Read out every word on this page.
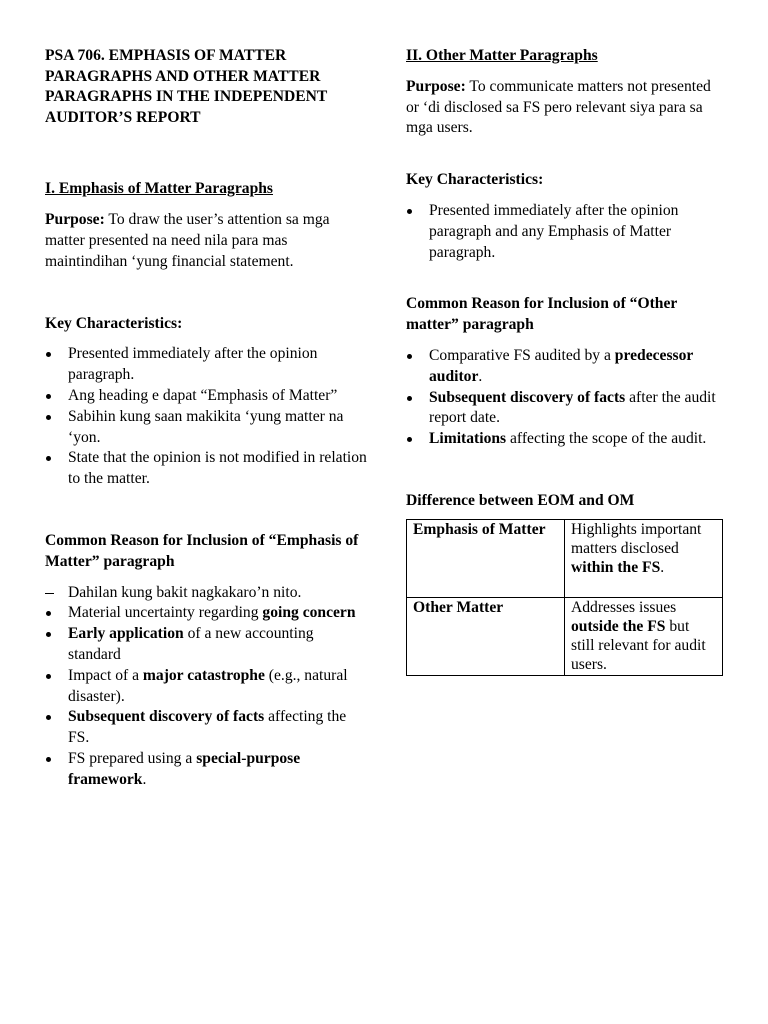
PSA 706. EMPHASIS OF MATTER PARAGRAPHS AND OTHER MATTER PARAGRAPHS IN THE INDEPENDENT AUDITOR’S REPORT

I. Emphasis of Matter Paragraphs

Purpose: To draw the user’s attention sa mga matter presented na need nila para mas maintindihan ‘yung financial statement.

Key Characteristics:

Presented immediately after the opinion paragraph.
Ang heading e dapat “Emphasis of Matter”
Sabihin kung saan makikita ‘yung matter na ‘yon.
State that the opinion is not modified in relation to the matter.

Common Reason for Inclusion of “Emphasis of Matter” paragraph

Dahilan kung bakit nagkakaro’n nito.
Material uncertainty regarding going concern
Early application of a new accounting standard
Impact of a major catastrophe (e.g., natural disaster).
Subsequent discovery of facts affecting the FS.
FS prepared using a special-purpose framework.

II. Other Matter Paragraphs

Purpose: To communicate matters not presented or ‘di disclosed sa FS pero relevant siya para sa mga users.

Key Characteristics:

Presented immediately after the opinion paragraph and any Emphasis of Matter paragraph.

Common Reason for Inclusion of “Other matter” paragraph

Comparative FS audited by a predecessor auditor.
Subsequent discovery of facts after the audit report date.
Limitations affecting the scope of the audit.

Difference between EOM and OM

Emphasis of Matter	Highlights important matters disclosed within the FS.
Other Matter	Addresses issues outside the FS but still relevant for audit users.
